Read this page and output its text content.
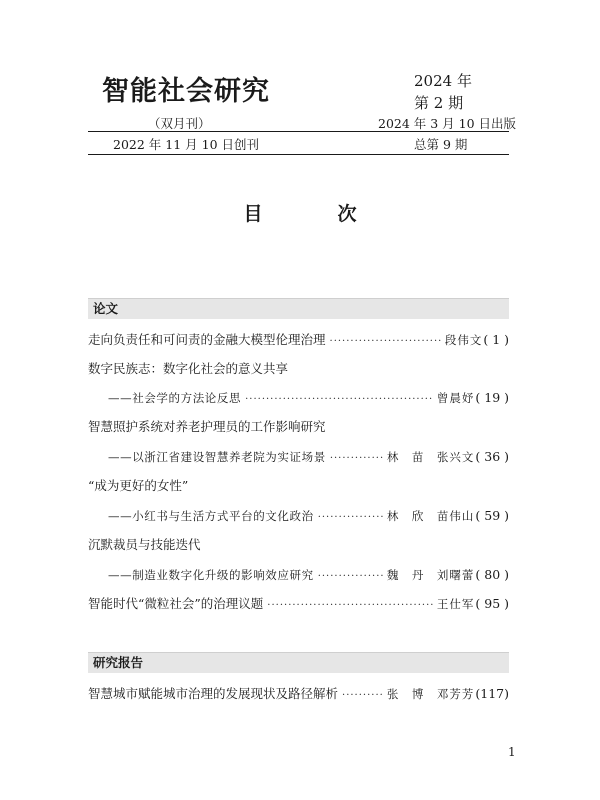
智能社会研究	2024 年
第 2 期
（双月刊）	2024 年 3 月 10 日出版
2022 年 11 月 10 日创刊	总第 9 期
目　次
论文
走向负责任和可问责的金融大模型伦理治理 ·····	段伟文 ( 1 )
数字民族志：数字化社会的意义共享
——社会学的方法论反思 ·····	曾晨妤 ( 19 )
智慧照护系统对养老护理员的工作影响研究
——以浙江省建设智慧养老院为实证场景 ·····	林　苗　张兴文 ( 36 )
“成为更好的女性”
——小红书与生活方式平台的文化政治 ·····	林　欣　苗伟山 ( 59 )
沉默裁员与技能迭代
——制造业数字化升级的影响效应研究 ·····	魏　丹　刘曙蕾 ( 80 )
智能时代“微粒社会”的治理议题 ·····	王仕军 ( 95 )
研究报告
智慧城市赋能城市治理的发展现状及路径解析 ·····	张　博　邓芳芳 (117)
1
